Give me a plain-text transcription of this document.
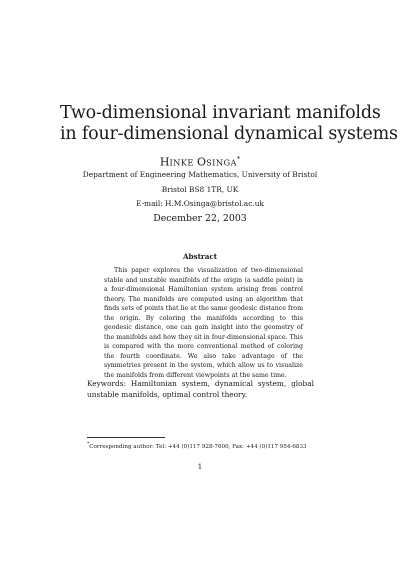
Two-dimensional invariant manifolds
in four-dimensional dynamical systems
HINKE OSINGA*
Department of Engineering Mathematics, University of Bristol
Bristol BS8 1TR, UK
E-mail: H.M.Osinga@bristol.ac.uk
December 22, 2003
Abstract
This paper explores the visualization of two-dimensional stable and unstable manifolds of the origin (a saddle point) in a four-dimensional Hamiltonian system arising from control theory. The manifolds are computed using an algorithm that finds sets of points that lie at the same geodesic distance from the origin. By coloring the manifolds according to this geodesic distance, one can gain insight into the geometry of the manifolds and how they sit in four-dimensional space. This is compared with the more conventional method of coloring the fourth coordinate. We also take advantage of the symmetries present in the system, which allow us to visualize the manifolds from different viewpoints at the same time.
Keywords: Hamiltonian system, dynamical system, global unstable manifolds, optimal control theory.
*Corresponding author: Tel: +44 (0)117 928-7600, Fax: +44 (0)117 954-6833
1
